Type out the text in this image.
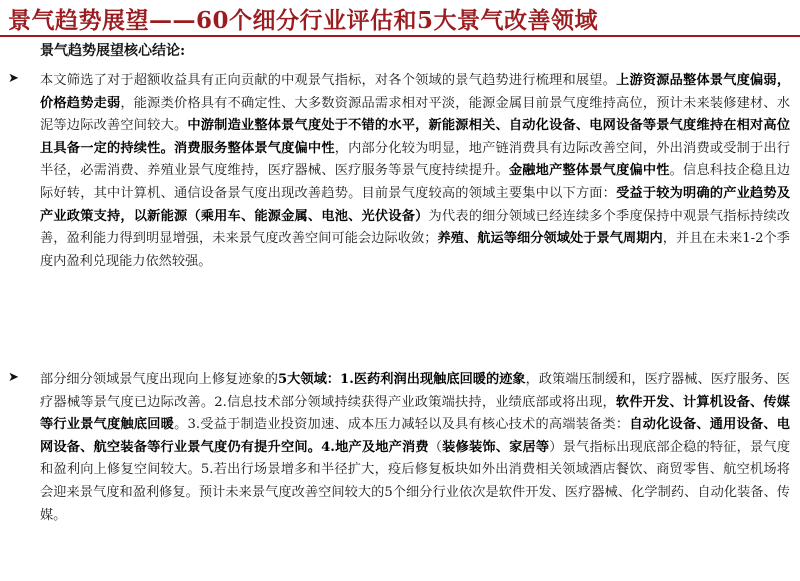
景气趋势展望——60个细分行业评估和5大景气改善领域
景气趋势展望核心结论:
➤ 本文筛选了对于超额收益具有正向贡献的中观景气指标，对各个领域的景气趋势进行梳理和展望。上游资源品整体景气度偏弱，价格趋势走弱，能源类价格具有不确定性、大多数资源品需求相对平淡，能源金属目前景气度维持高位，预计未来装修建材、水泥等边际改善空间较大。中游制造业整体景气度处于不错的水平，新能源相关、自动化设备、电网设备等景气度维持在相对高位且具备一定的持续性。消费服务整体景气度偏中性，内部分化较为明显，地产链消费具有边际改善空间，外出消费或受制于出行半径，必需消费、养殖业景气度维持，医疗器械、医疗服务等景气度持续提升。金融地产整体景气度偏中性。信息科技企稳且边际好转，其中计算机、通信设备景气度出现改善趋势。目前景气度较高的领域主要集中以下方面：受益于较为明确的产业趋势及产业政策支持，以新能源（乘用车、能源金属、电池、光伏设备）为代表的细分领域已经连续多个季度保持中观景气指标持续改善，盈利能力得到明显增强，未来景气度改善空间可能会边际收敛；养殖、航运等细分领域处于景气周期内，并且在未来1-2个季度内盈利兑现能力依然较强。
➤ 部分细分领域景气度出现向上修复迹象的5大领域：1.医药利润出现触底回暖的迹象，政策端压制缓和，医疗器械、医疗服务、医疗器械等景气度已边际改善。2.信息技术部分领域持续获得产业政策端扶持，业绩底部或将出现，软件开发、计算机设备、传媒等行业景气度触底回暖。3.受益于制造业投资加速、成本压力减轻以及具有核心技术的高端装备类：自动化设备、通用设备、电网设备、航空装备等行业景气度仍有提升空间。4.地产及地产消费（装修装饰、家居等）景气指标出现底部企稳的特征，景气度和盈利向上修复空间较大。5.若出行场景增多和半径扩大，疫后修复板块如外出消费相关领域酒店餐饮、商贸零售、航空机场将会迎来景气度和盈利修复。预计未来景气度改善空间较大的5个细分行业依次是软件开发、医疗器械、化学制药、自动化装备、传媒。
